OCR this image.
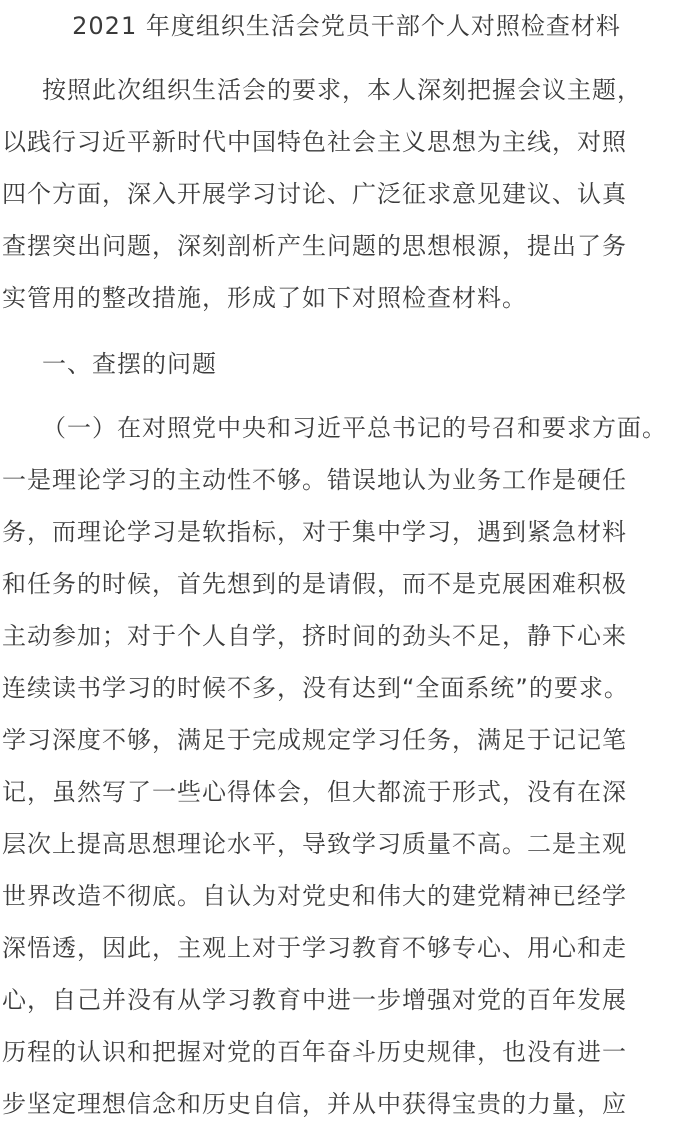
2021 年度组织生活会党员干部个人对照检查材料

按照此次组织生活会的要求，本人深刻把握会议主题，
以践行习近平新时代中国特色社会主义思想为主线，对照
四个方面，深入开展学习讨论、广泛征求意见建议、认真
查摆突出问题，深刻剖析产生问题的思想根源，提出了务
实管用的整改措施，形成了如下对照检查材料。

一、查摆的问题

（一）在对照党中央和习近平总书记的号召和要求方面。
一是理论学习的主动性不够。错误地认为业务工作是硬任
务，而理论学习是软指标，对于集中学习，遇到紧急材料
和任务的时候，首先想到的是请假，而不是克展困难积极
主动参加；对于个人自学，挤时间的劲头不足，静下心来
连续读书学习的时候不多，没有达到“全面系统”的要求。
学习深度不够，满足于完成规定学习任务，满足于记记笔
记，虽然写了一些心得体会，但大都流于形式，没有在深
层次上提高思想理论水平，导致学习质量不高。二是主观
世界改造不彻底。自认为对党史和伟大的建党精神已经学
深悟透，因此，主观上对于学习教育不够专心、用心和走
心，自己并没有从学习教育中进一步增强对党的百年发展
历程的认识和把握对党的百年奋斗历史规律，也没有进一
步坚定理想信念和历史自信，并从中获得宝贵的力量，应
